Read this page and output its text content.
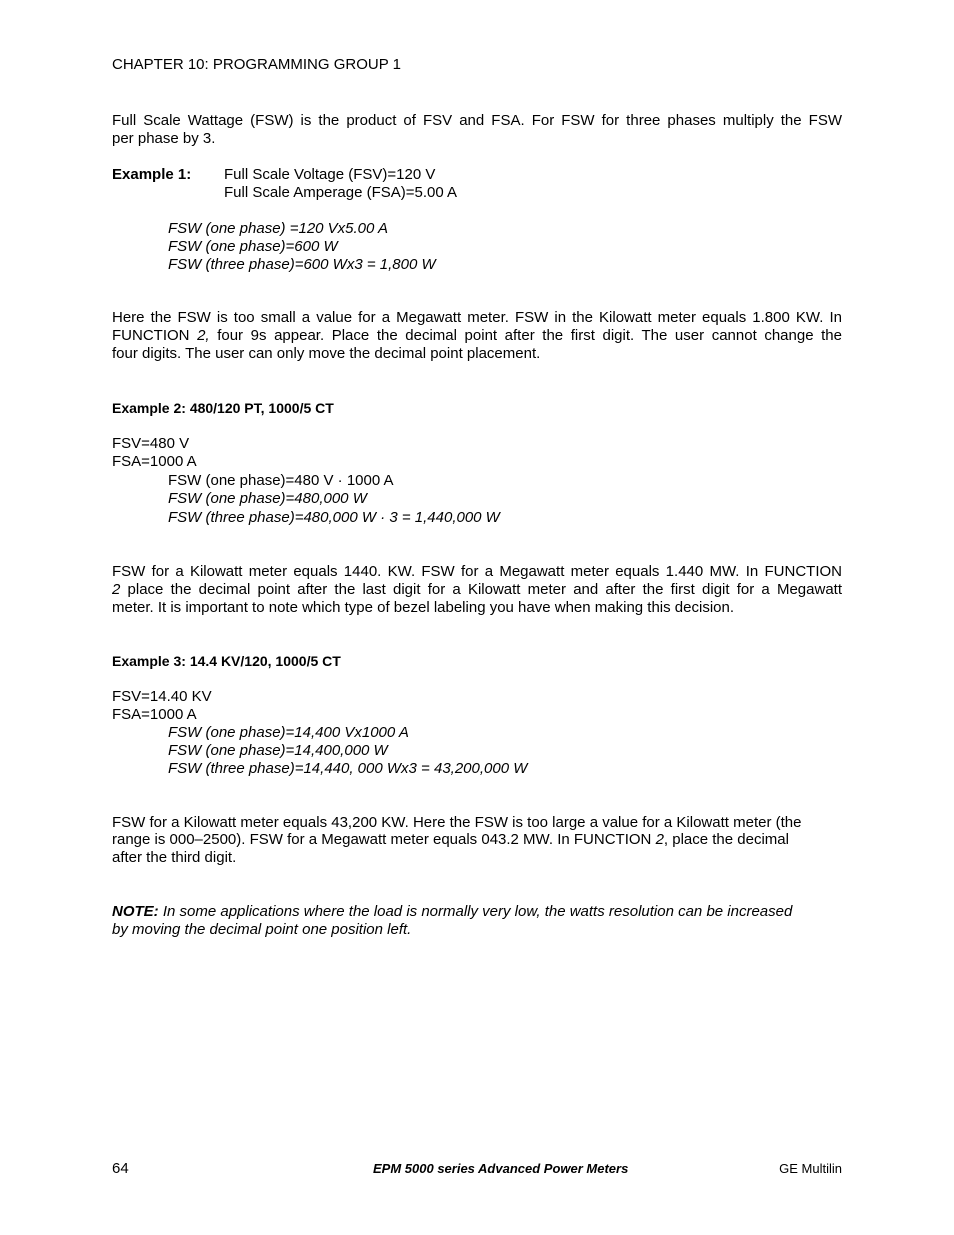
CHAPTER 10: PROGRAMMING GROUP 1
Full Scale Wattage (FSW) is the product of FSV and FSA. For FSW for three phases multiply the FSW
per phase by 3.
Example 1: Full Scale Voltage (FSV)=120 V
Full Scale Amperage (FSA)=5.00 A
FSW (one phase) =120 Vx5.00 A
FSW (one phase)=600 W
FSW (three phase)=600 Wx3 = 1,800 W
Here the FSW is too small a value for a Megawatt meter. FSW in the Kilowatt meter equals 1.800 KW. In
FUNCTION 2, four 9s appear. Place the decimal point after the first digit. The user cannot change the
four digits. The user can only move the decimal point placement.
Example 2: 480/120 PT, 1000/5 CT
FSV=480 V
FSA=1000 A
FSW (one phase)=480 V · 1000 A
FSW (one phase)=480,000 W
FSW (three phase)=480,000 W · 3 = 1,440,000 W
FSW for a Kilowatt meter equals 1440. KW. FSW for a Megawatt meter equals 1.440 MW. In FUNCTION
2 place the decimal point after the last digit for a Kilowatt meter and after the first digit for a Megawatt
meter. It is important to note which type of bezel labeling you have when making this decision.
Example 3: 14.4 KV/120, 1000/5 CT
FSV=14.40 KV
FSA=1000 A
FSW (one phase)=14,400 Vx1000 A
FSW (one phase)=14,400,000 W
FSW (three phase)=14,440, 000 Wx3 = 43,200,000 W
FSW for a Kilowatt meter equals 43,200 KW. Here the FSW is too large a value for a Kilowatt meter (the
range is 000–2500). FSW for a Megawatt meter equals 043.2 MW. In FUNCTION 2, place the decimal
after the third digit.
NOTE: In some applications where the load is normally very low, the watts resolution can be increased
by moving the decimal point one position left.
64	EPM 5000 series Advanced Power Meters	GE Multilin
